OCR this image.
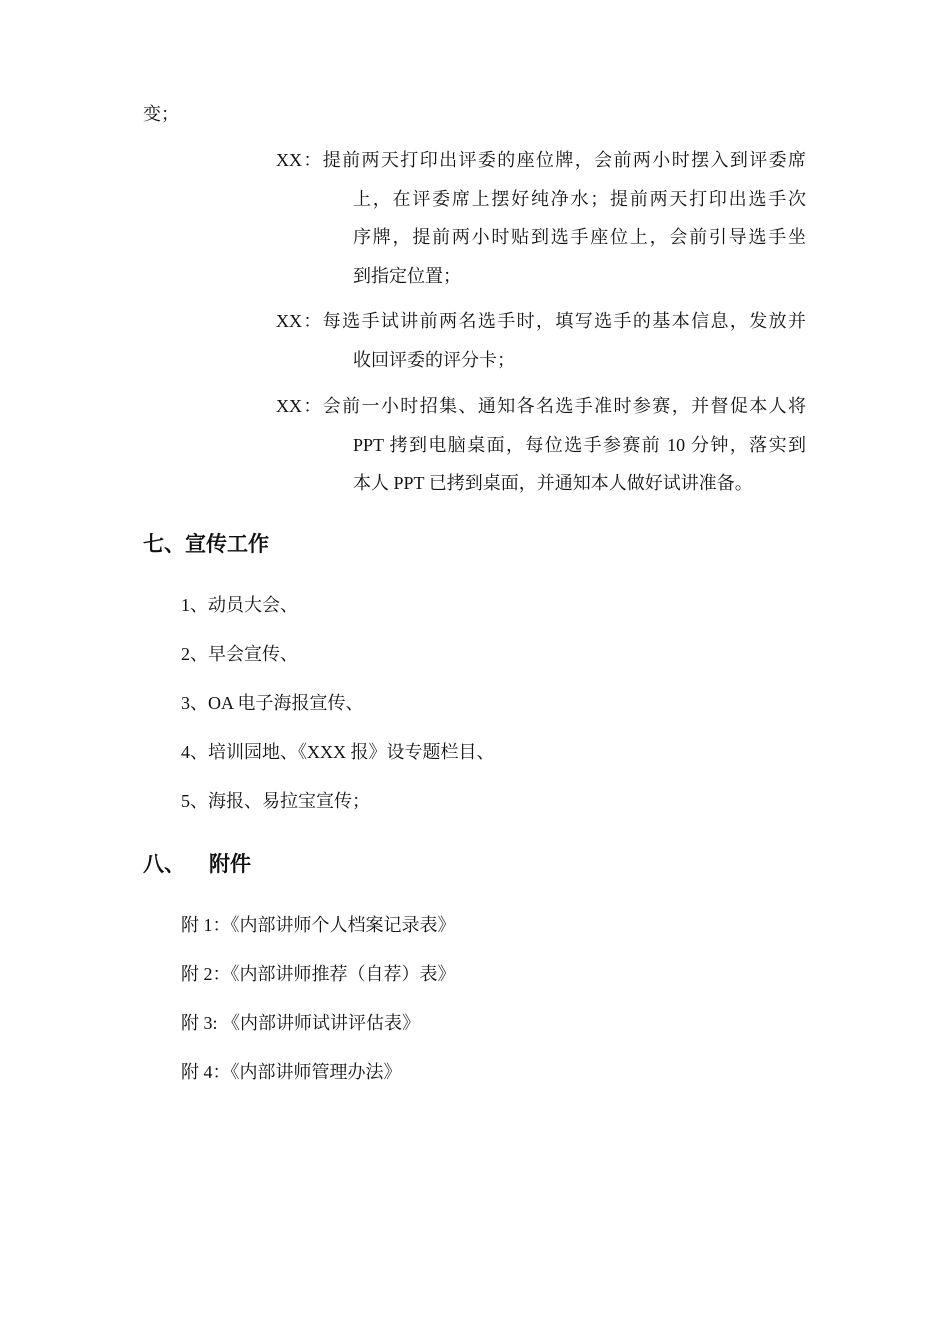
变；
XX：提前两天打印出评委的座位牌，会前两小时摆入到评委席
上，在评委席上摆好纯净水；提前两天打印出选手次
序牌，提前两小时贴到选手座位上，会前引导选手坐
到指定位置；
XX：每选手试讲前两名选手时，填写选手的基本信息，发放并
收回评委的评分卡；
XX：会前一小时招集、通知各名选手准时参赛，并督促本人将
PPT 拷到电脑桌面，每位选手参赛前 10 分钟，落实到
本人 PPT 已拷到桌面，并通知本人做好试讲准备。
七、宣传工作
1、动员大会、
2、早会宣传、
3、OA 电子海报宣传、
4、培训园地、《XXX 报》设专题栏目、
5、海报、易拉宝宣传；
八、 附件
附 1：《内部讲师个人档案记录表》
附 2：《内部讲师推荐（自荐）表》
附 3: 《内部讲师试讲评估表》
附 4：《内部讲师管理办法》
